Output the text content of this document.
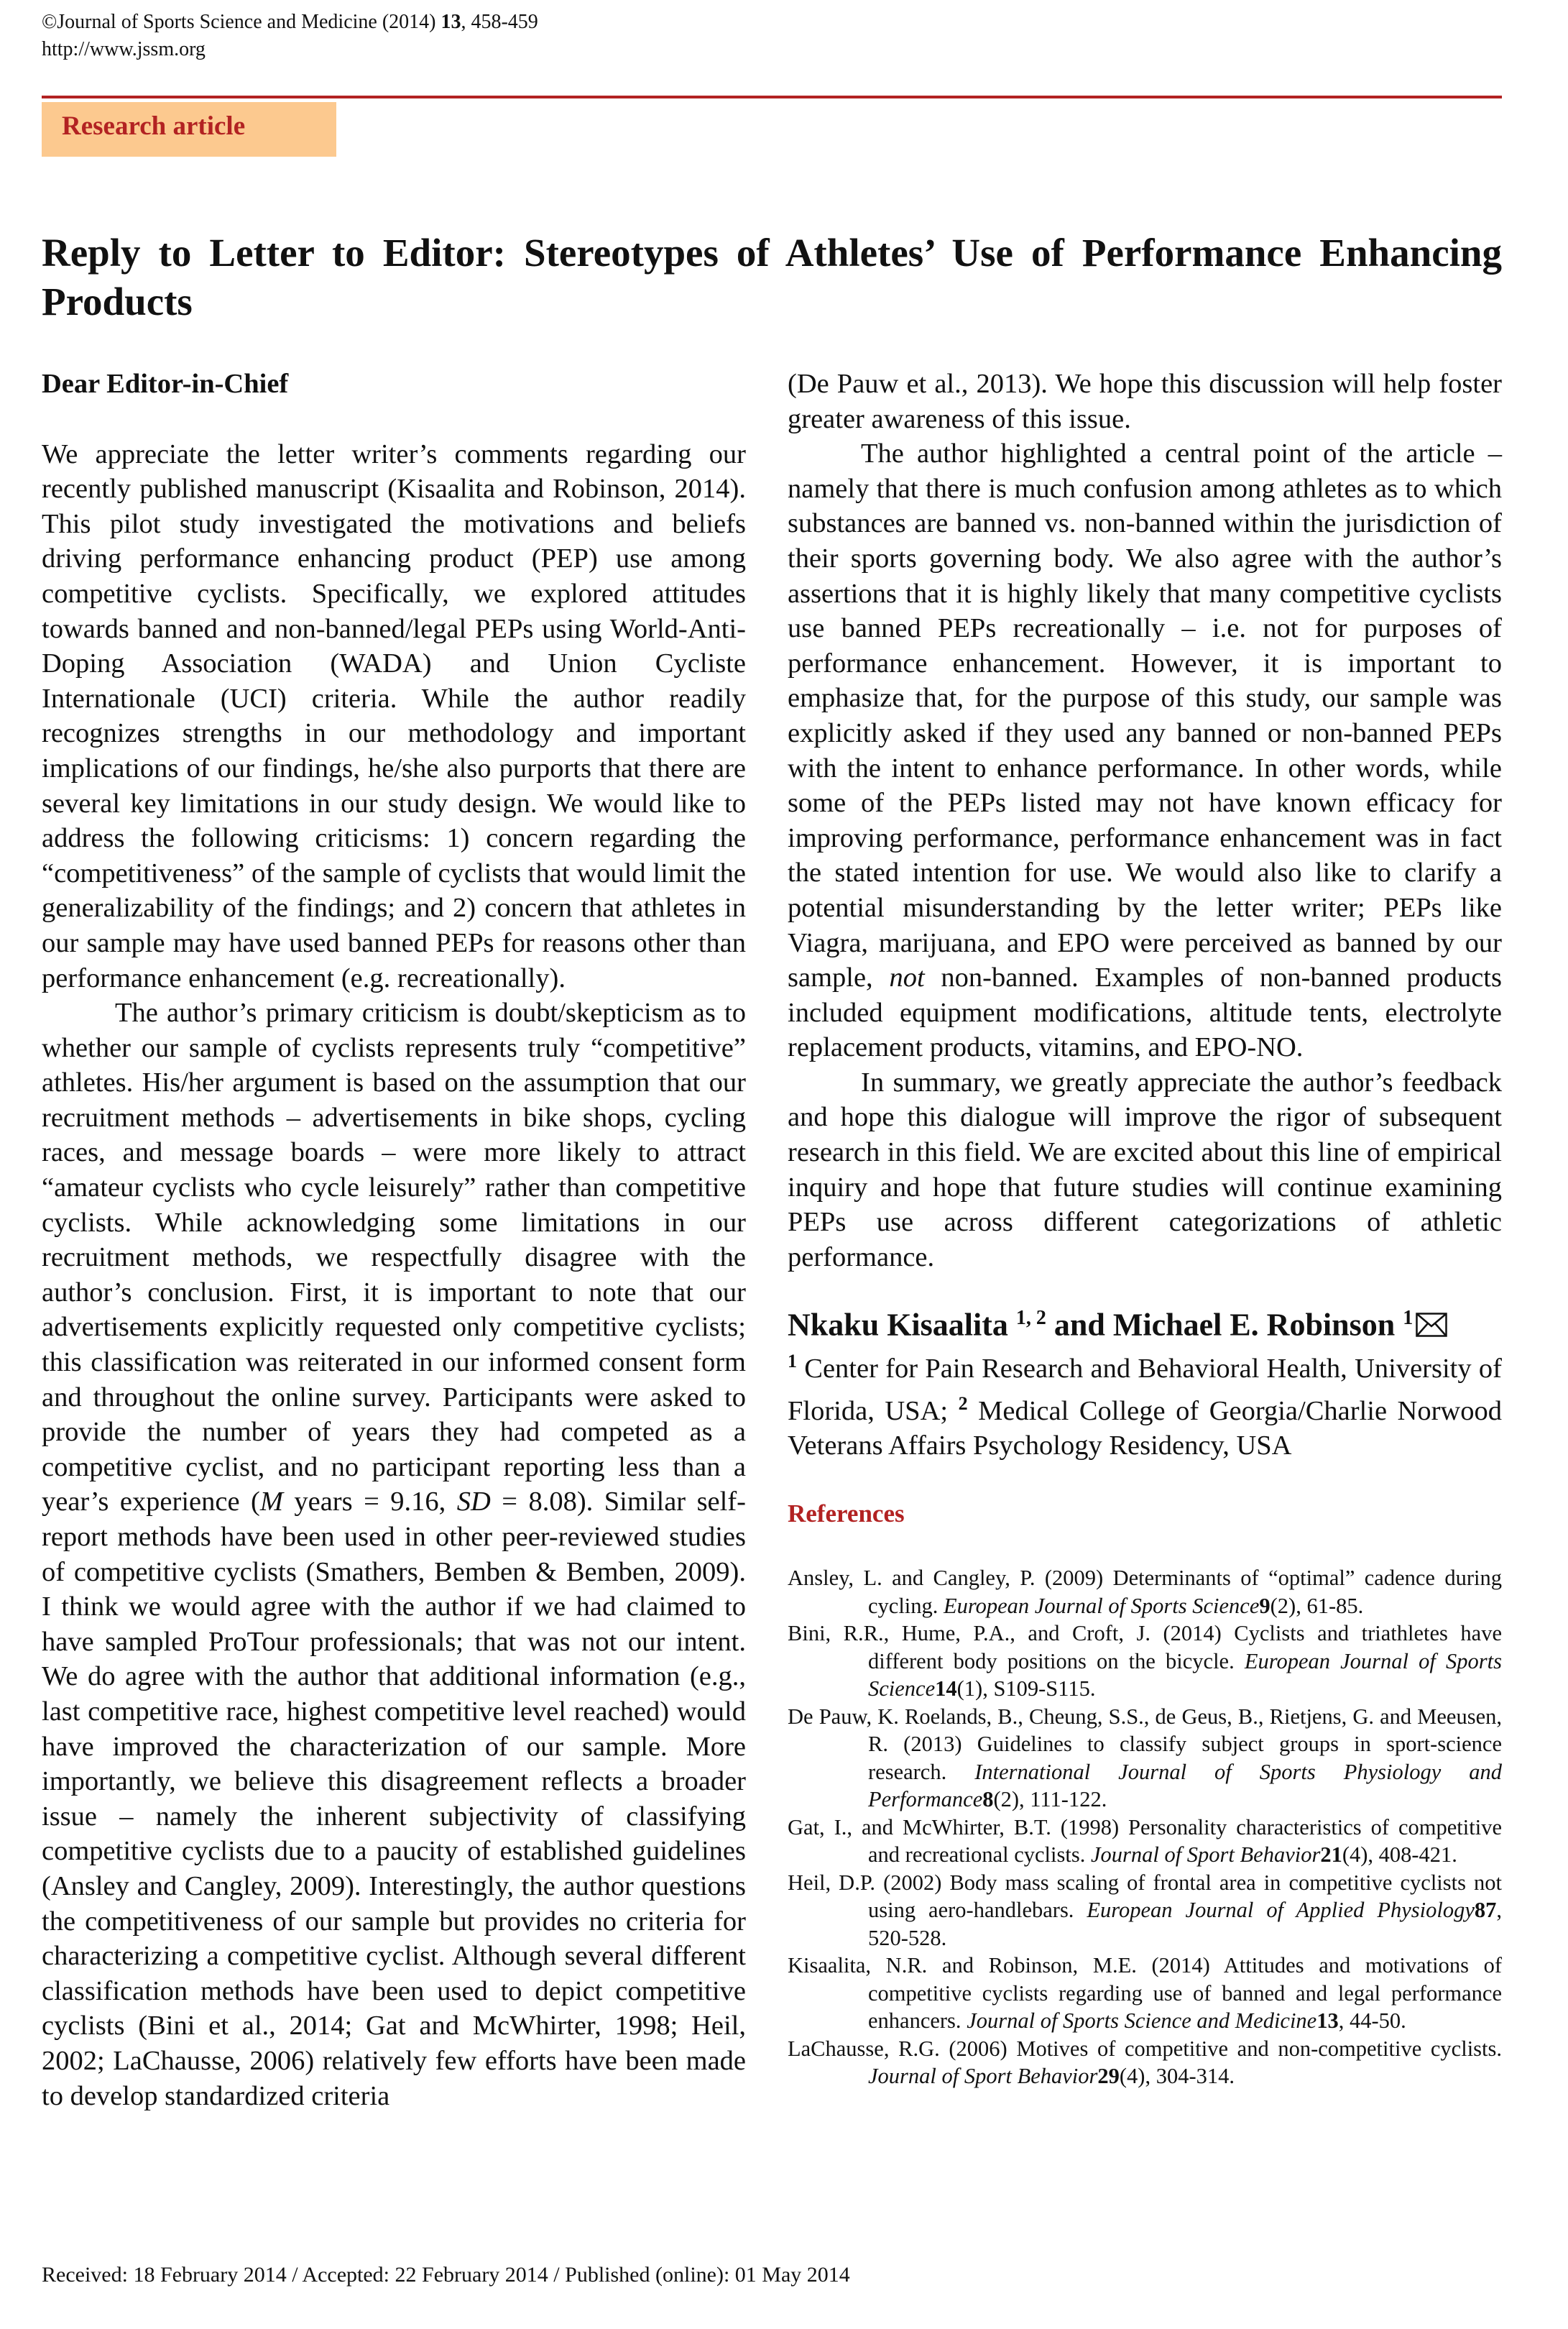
©Journal of Sports Science and Medicine (2014) 13, 458-459
http://www.jssm.org
Research article
Reply to Letter to Editor: Stereotypes of Athletes’ Use of Performance Enhancing Products

Dear Editor-in-Chief

We appreciate the letter writer’s comments regarding our recently published manuscript (Kisaalita and Robinson, 2014). This pilot study investigated the motivations and beliefs driving performance enhancing product (PEP) use among competitive cyclists. Specifically, we explored attitudes towards banned and non-banned/legal PEPs using World-Anti-Doping Association (WADA) and Union Cycliste Internationale (UCI) criteria. While the author readily recognizes strengths in our methodology and important implications of our findings, he/she also purports that there are several key limitations in our study design. We would like to address the following criticisms: 1) concern regarding the “competitiveness” of the sample of cyclists that would limit the generalizability of the findings; and 2) concern that athletes in our sample may have used banned PEPs for reasons other than performance enhancement (e.g. recreationally).

The author’s primary criticism is doubt/skepticism as to whether our sample of cyclists represents truly “competitive” athletes. His/her argument is based on the assumption that our recruitment methods – advertisements in bike shops, cycling races, and message boards – were more likely to attract “amateur cyclists who cycle leisurely” rather than competitive cyclists. While acknowledging some limitations in our recruitment methods, we respectfully disagree with the author’s conclusion. First, it is important to note that our advertisements explicitly requested only competitive cyclists; this classification was reiterated in our informed consent form and throughout the online survey. Participants were asked to provide the number of years they had competed as a competitive cyclist, and no participant reporting less than a year’s experience (M years = 9.16, SD = 8.08). Similar self-report methods have been used in other peer-reviewed studies of competitive cyclists (Smathers, Bemben & Bemben, 2009). I think we would agree with the author if we had claimed to have sampled ProTour professionals; that was not our intent. We do agree with the author that additional information (e.g., last competitive race, highest competitive level reached) would have improved the characterization of our sample. More importantly, we believe this disagreement reflects a broader issue – namely the inherent subjectivity of classifying competitive cyclists due to a paucity of established guidelines (Ansley and Cangley, 2009). Interestingly, the author questions the competitiveness of our sample but provides no criteria for characterizing a competitive cyclist. Although several different classification methods have been used to depict competitive cyclists (Bini et al., 2014; Gat and McWhirter, 1998; Heil, 2002; LaChausse, 2006) relatively few efforts have been made to develop standardized criteria

(De Pauw et al., 2013). We hope this discussion will help foster greater awareness of this issue.

The author highlighted a central point of the article – namely that there is much confusion among athletes as to which substances are banned vs. non-banned within the jurisdiction of their sports governing body. We also agree with the author’s assertions that it is highly likely that many competitive cyclists use banned PEPs recreationally – i.e. not for purposes of performance enhancement. However, it is important to emphasize that, for the purpose of this study, our sample was explicitly asked if they used any banned or non-banned PEPs with the intent to enhance performance. In other words, while some of the PEPs listed may not have known efficacy for improving performance, performance enhancement was in fact the stated intention for use. We would also like to clarify a potential misunderstanding by the letter writer; PEPs like Viagra, marijuana, and EPO were perceived as banned by our sample, not non-banned. Examples of non-banned products included equipment modifications, altitude tents, electrolyte replacement products, vitamins, and EPO-NO.

In summary, we greatly appreciate the author’s feedback and hope this dialogue will improve the rigor of subsequent research in this field. We are excited about this line of empirical inquiry and hope that future studies will continue examining PEPs use across different categorizations of athletic performance.

Nkaku Kisaalita $^{1, 2}$ and Michael E. Robinson $^1$

$^1$ Center for Pain Research and Behavioral Health, University of Florida, USA; $^2$ Medical College of Georgia/Charlie Norwood Veterans Affairs Psychology Residency, USA

References

Ansley, L. and Cangley, P. (2009) Determinants of “optimal” cadence during cycling. European Journal of Sports Science9(2), 61-85.

Bini, R.R., Hume, P.A., and Croft, J. (2014) Cyclists and triathletes have different body positions on the bicycle. European Journal of Sports Science14(1), S109-S115.

De Pauw, K. Roelands, B., Cheung, S.S., de Geus, B., Rietjens, G. and Meeusen, R. (2013) Guidelines to classify subject groups in sport-science research. International Journal of Sports Physiology and Performance8(2), 111-122.

Gat, I., and McWhirter, B.T. (1998) Personality characteristics of competitive and recreational cyclists. Journal of Sport Behavior21(4), 408-421.

Heil, D.P. (2002) Body mass scaling of frontal area in competitive cyclists not using aero-handlebars. European Journal of Applied Physiology87, 520-528.

Kisaalita, N.R. and Robinson, M.E. (2014) Attitudes and motivations of competitive cyclists regarding use of banned and legal performance enhancers. Journal of Sports Science and Medicine13, 44-50.

LaChausse, R.G. (2006) Motives of competitive and non-competitive cyclists. Journal of Sport Behavior29(4), 304-314.

Received: 18 February 2014 / Accepted: 22 February 2014 / Published (online): 01 May 2014
